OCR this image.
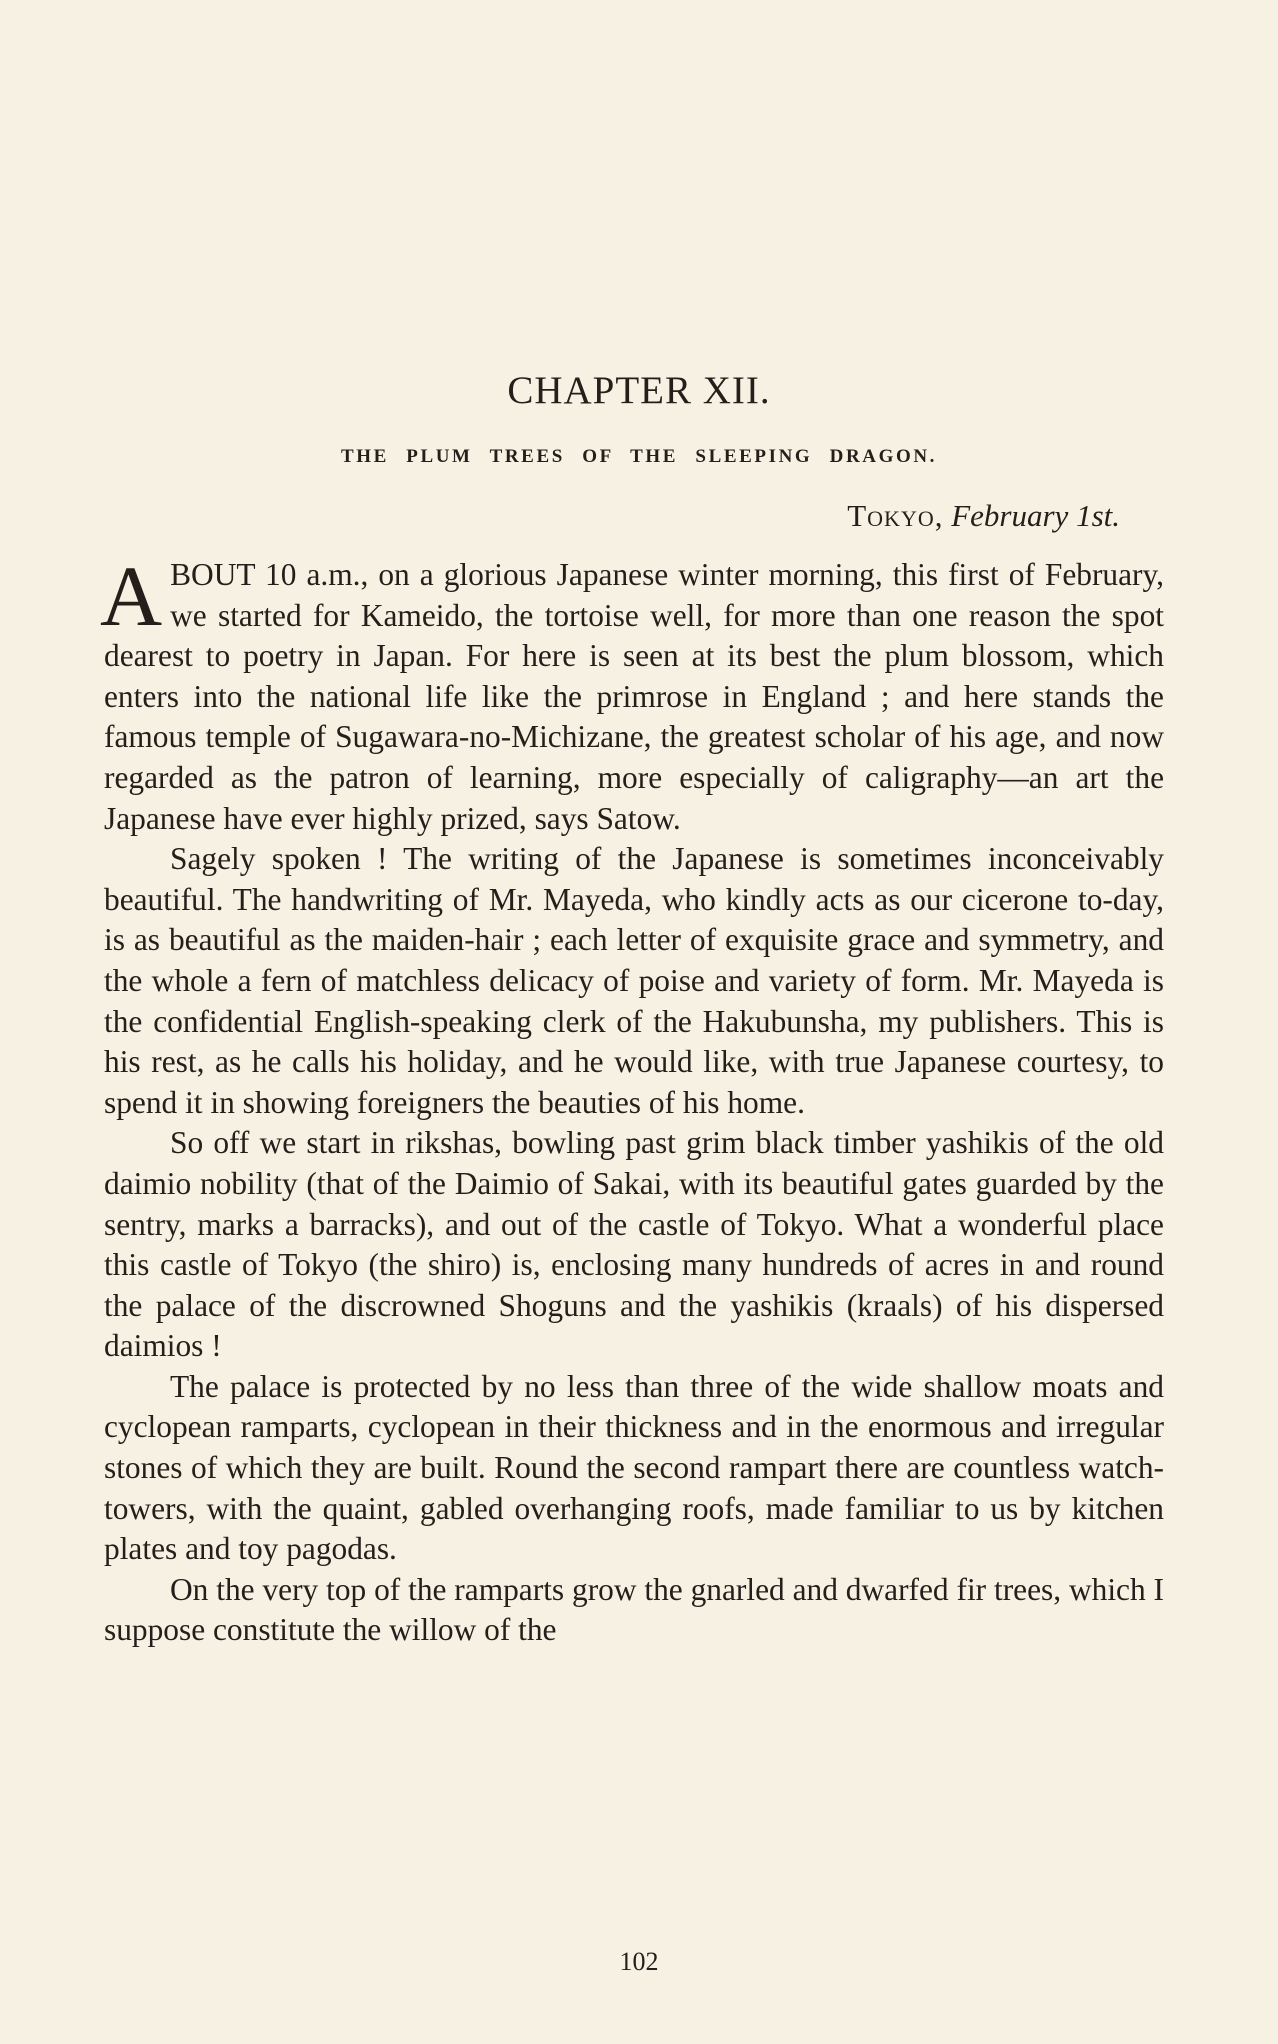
CHAPTER XII.
THE PLUM TREES OF THE SLEEPING DRAGON.

Tokyo, February 1st.

ABOUT 10 a.m., on a glorious Japanese winter morning, this first of February, we started for Kameido, the tortoise well, for more than one reason the spot dearest to poetry in Japan. For here is seen at its best the plum blossom, which enters into the national life like the primrose in England ; and here stands the famous temple of Sugawara-no-Michizane, the greatest scholar of his age, and now regarded as the patron of learning, more especially of caligraphy—an art the Japanese have ever highly prized, says Satow.

Sagely spoken ! The writing of the Japanese is sometimes inconceivably beautiful. The handwriting of Mr. Mayeda, who kindly acts as our cicerone to-day, is as beautiful as the maiden-hair ; each letter of exquisite grace and symmetry, and the whole a fern of matchless delicacy of poise and variety of form. Mr. Mayeda is the confidential English-speaking clerk of the Hakubunsha, my publishers. This is his rest, as he calls his holiday, and he would like, with true Japanese courtesy, to spend it in showing foreigners the beauties of his home.

So off we start in rikshas, bowling past grim black timber yashikis of the old daimio nobility (that of the Daimio of Sakai, with its beautiful gates guarded by the sentry, marks a barracks), and out of the castle of Tokyo. What a wonderful place this castle of Tokyo (the shiro) is, enclosing many hundreds of acres in and round the palace of the discrowned Shoguns and the yashikis (kraals) of his dispersed daimios !

The palace is protected by no less than three of the wide shallow moats and cyclopean ramparts, cyclopean in their thickness and in the enormous and irregular stones of which they are built. Round the second rampart there are countless watch-towers, with the quaint, gabled overhanging roofs, made familiar to us by kitchen plates and toy pagodas.

On the very top of the ramparts grow the gnarled and dwarfed fir trees, which I suppose constitute the willow of the

102
